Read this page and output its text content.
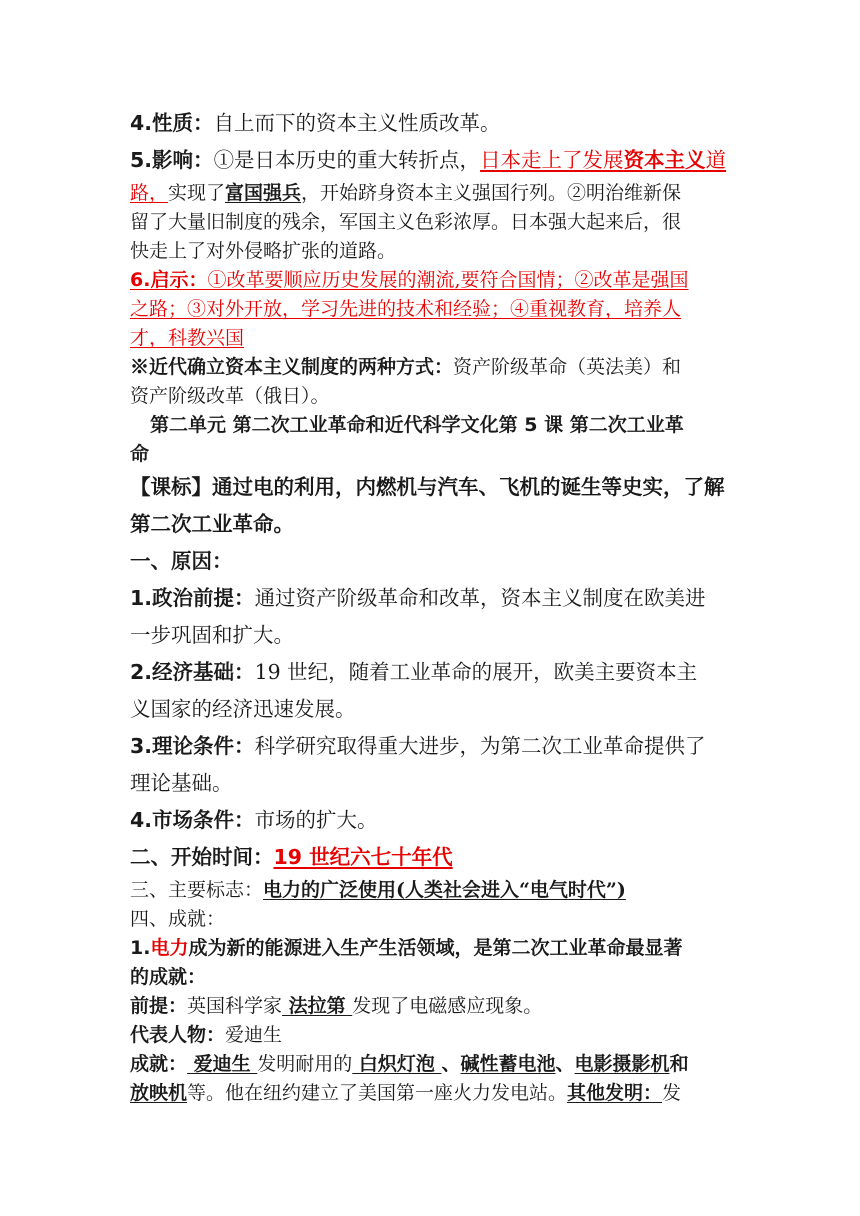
4.性质：自上而下的资本主义性质改革。

5.影响：①是日本历史的重大转折点，日本走上了发展资本主义道

路，实现了富国强兵，开始跻身资本主义强国行列。②明治维新保

留了大量旧制度的残余，军国主义色彩浓厚。日本强大起来后，很

快走上了对外侵略扩张的道路。

6.启示：①改革要顺应历史发展的潮流,要符合国情；②改革是强国

之路；③对外开放，学习先进的技术和经验；④重视教育，培养人

才，科教兴国

※近代确立资本主义制度的两种方式：资产阶级革命（英法美）和

资产阶级改革（俄日）。

第二单元 第二次工业革命和近代科学文化第 5 课 第二次工业革

命

【课标】通过电的利用，内燃机与汽车、飞机的诞生等史实，了解

第二次工业革命。

一、原因：

1.政治前提：通过资产阶级革命和改革，资本主义制度在欧美进

一步巩固和扩大。

2.经济基础：19 世纪，随着工业革命的展开，欧美主要资本主

义国家的经济迅速发展。

3.理论条件：科学研究取得重大进步，为第二次工业革命提供了

理论基础。

4.市场条件：市场的扩大。

二、开始时间：19 世纪六七十年代

三、主要标志：电力的广泛使用(人类社会进入“电气时代”)

四、成就：

1.电力成为新的能源进入生产生活领域，是第二次工业革命最显著

的成就：

前提：英国科学家 法拉第 发现了电磁感应现象。

代表人物：爱迪生

成就： 爱迪生 发明耐用的 白炽灯泡 、碱性蓄电池、电影摄影机和

放映机等。他在纽约建立了美国第一座火力发电站。其他发明：发
